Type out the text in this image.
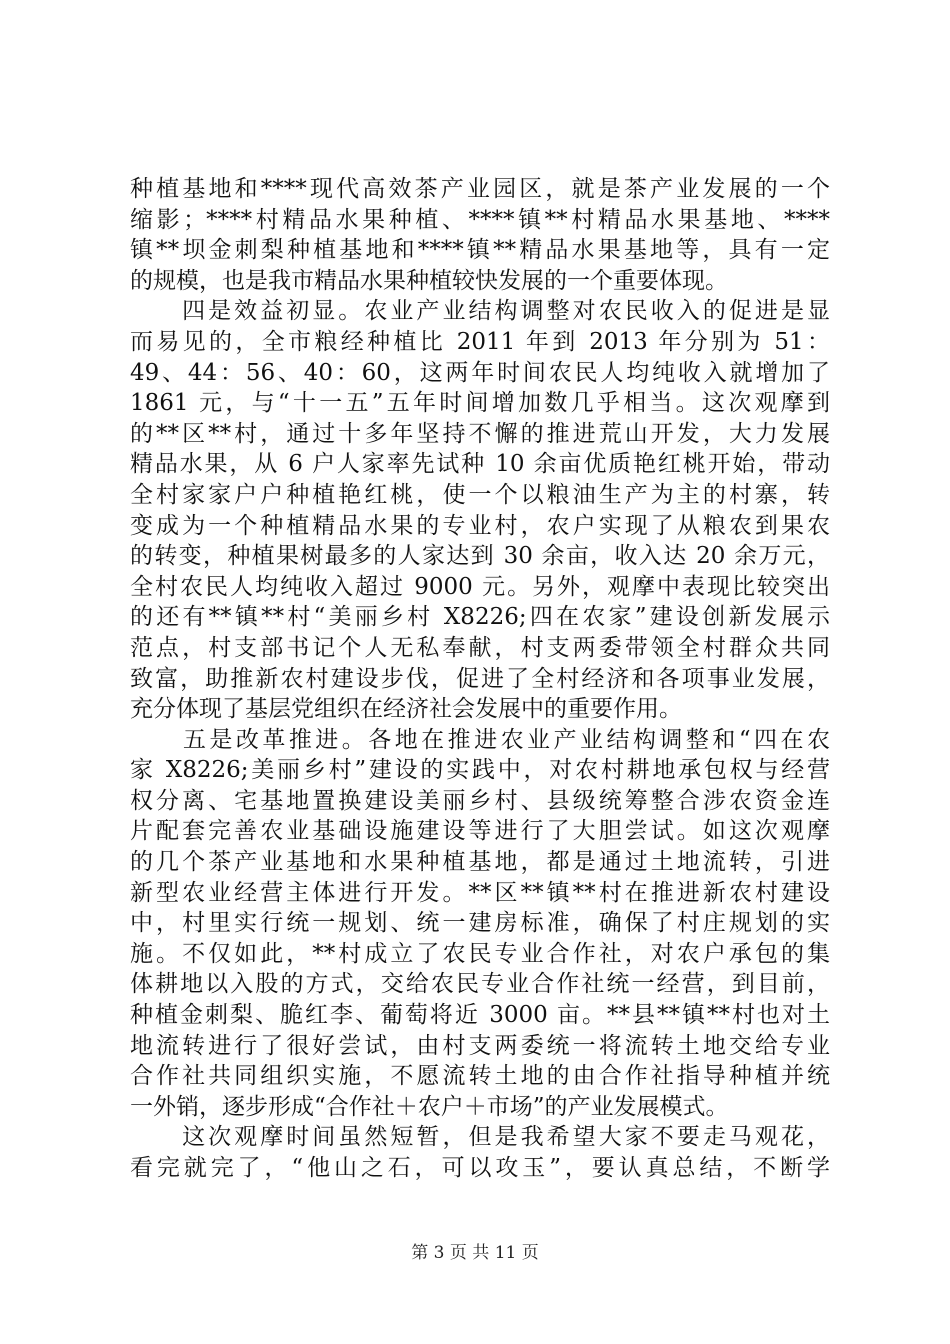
种植基地和****现代高效茶产业园区，就是茶产业发展的一个
缩影；****村精品水果种植、****镇**村精品水果基地、****
镇**坝金刺梨种植基地和****镇**精品水果基地等，具有一定
的规模，也是我市精品水果种植较快发展的一个重要体现。
　　四是效益初显。农业产业结构调整对农民收入的促进是显
而易见的，全市粮经种植比 2011 年到 2013 年分别为 51：
49、44：56、40：60，这两年时间农民人均纯收入就增加了
1861 元，与“十一五”五年时间增加数几乎相当。这次观摩到
的**区**村，通过十多年坚持不懈的推进荒山开发，大力发展
精品水果，从 6 户人家率先试种 10 余亩优质艳红桃开始，带动
全村家家户户种植艳红桃，使一个以粮油生产为主的村寨，转
变成为一个种植精品水果的专业村，农户实现了从粮农到果农
的转变，种植果树最多的人家达到 30 余亩，收入达 20 余万元，
全村农民人均纯收入超过 9000 元。另外，观摩中表现比较突出
的还有**镇**村“美丽乡村 X8226;四在农家”建设创新发展示
范点，村支部书记个人无私奉献，村支两委带领全村群众共同
致富，助推新农村建设步伐，促进了全村经济和各项事业发展，
充分体现了基层党组织在经济社会发展中的重要作用。
　　五是改革推进。各地在推进农业产业结构调整和“四在农
家 X8226;美丽乡村”建设的实践中，对农村耕地承包权与经营
权分离、宅基地置换建设美丽乡村、县级统筹整合涉农资金连
片配套完善农业基础设施建设等进行了大胆尝试。如这次观摩
的几个茶产业基地和水果种植基地，都是通过土地流转，引进
新型农业经营主体进行开发。**区**镇**村在推进新农村建设
中，村里实行统一规划、统一建房标准，确保了村庄规划的实
施。不仅如此，**村成立了农民专业合作社，对农户承包的集
体耕地以入股的方式，交给农民专业合作社统一经营，到目前，
种植金刺梨、脆红李、葡萄将近 3000 亩。**县**镇**村也对土
地流转进行了很好尝试，由村支两委统一将流转土地交给专业
合作社共同组织实施，不愿流转土地的由合作社指导种植并统
一外销，逐步形成“合作社＋农户＋市场”的产业发展模式。
　　这次观摩时间虽然短暂，但是我希望大家不要走马观花，
看完就完了，“他山之石，可以攻玉”，要认真总结，不断学
第 3 页 共 11 页
